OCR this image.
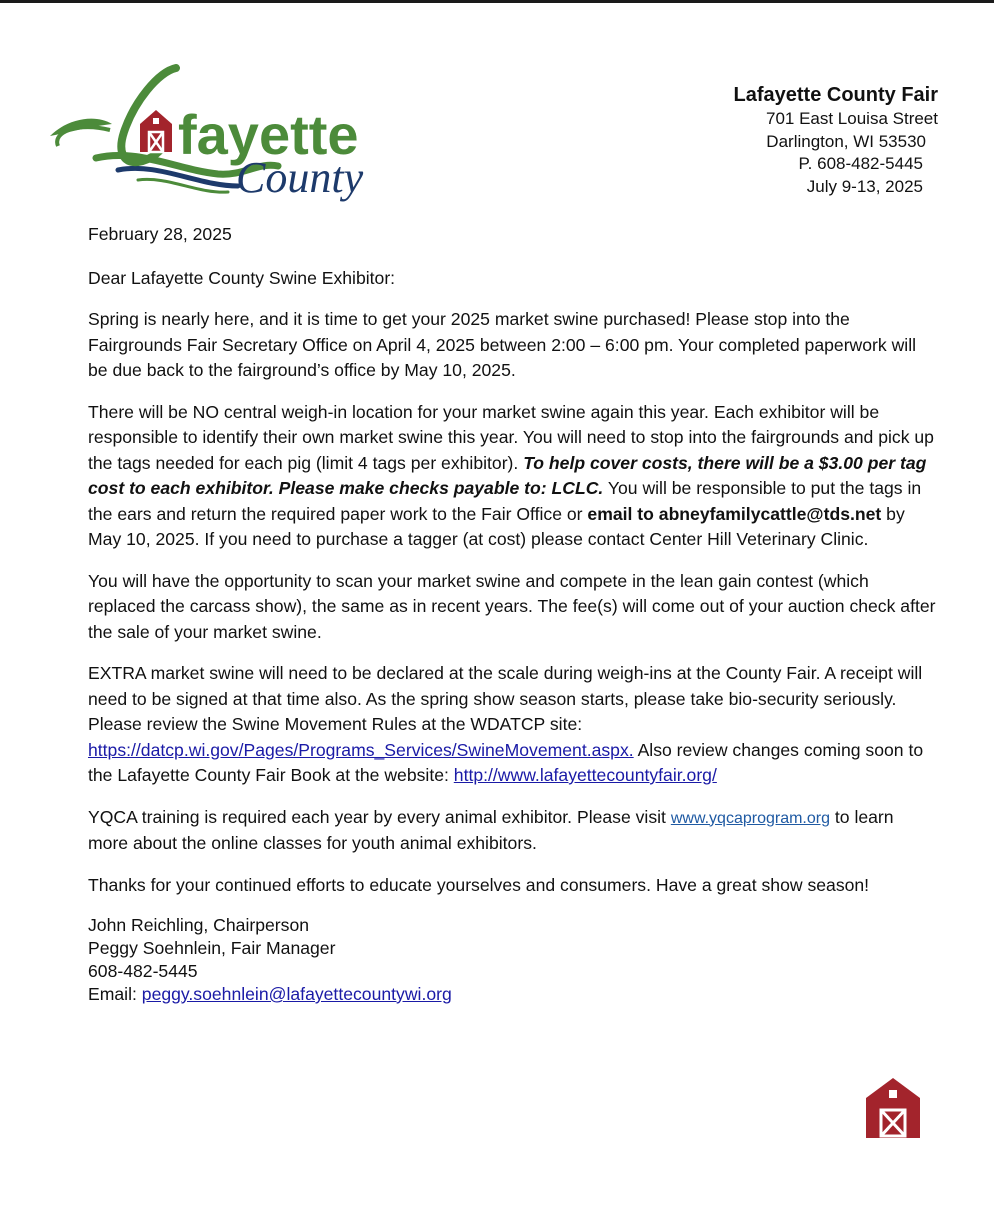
fayette
County
Lafayette County Fair
701 East Louisa Street
Darlington, WI 53530
P. 608-482-5445
July 9-13, 2025

February 28, 2025

Dear Lafayette County Swine Exhibitor:

Spring is nearly here, and it is time to get your 2025 market swine purchased! Please stop into the Fairgrounds Fair Secretary Office on April 4, 2025 between 2:00 – 6:00 pm. Your completed paperwork will be due back to the fairground’s office by May 10, 2025.

There will be NO central weigh-in location for your market swine again this year. Each exhibitor will be responsible to identify their own market swine this year. You will need to stop into the fairgrounds and pick up the tags needed for each pig (limit 4 tags per exhibitor). To help cover costs, there will be a $3.00 per tag cost to each exhibitor. Please make checks payable to: LCLC. You will be responsible to put the tags in the ears and return the required paper work to the Fair Office or email to abneyfamilycattle@tds.net by May 10, 2025. If you need to purchase a tagger (at cost) please contact Center Hill Veterinary Clinic.

You will have the opportunity to scan your market swine and compete in the lean gain contest (which replaced the carcass show), the same as in recent years. The fee(s) will come out of your auction check after the sale of your market swine.

EXTRA market swine will need to be declared at the scale during weigh-ins at the County Fair. A receipt will need to be signed at that time also. As the spring show season starts, please take bio-security seriously. Please review the Swine Movement Rules at the WDATCP site: https://datcp.wi.gov/Pages/Programs_Services/SwineMovement.aspx. Also review changes coming soon to the Lafayette County Fair Book at the website: http://www.lafayettecountyfair.org/

YQCA training is required each year by every animal exhibitor. Please visit www.yqcaprogram.org to learn more about the online classes for youth animal exhibitors.

Thanks for your continued efforts to educate yourselves and consumers. Have a great show season!

John Reichling, Chairperson
Peggy Soehnlein, Fair Manager
608-482-5445
Email: peggy.soehnlein@lafayettecountywi.org
